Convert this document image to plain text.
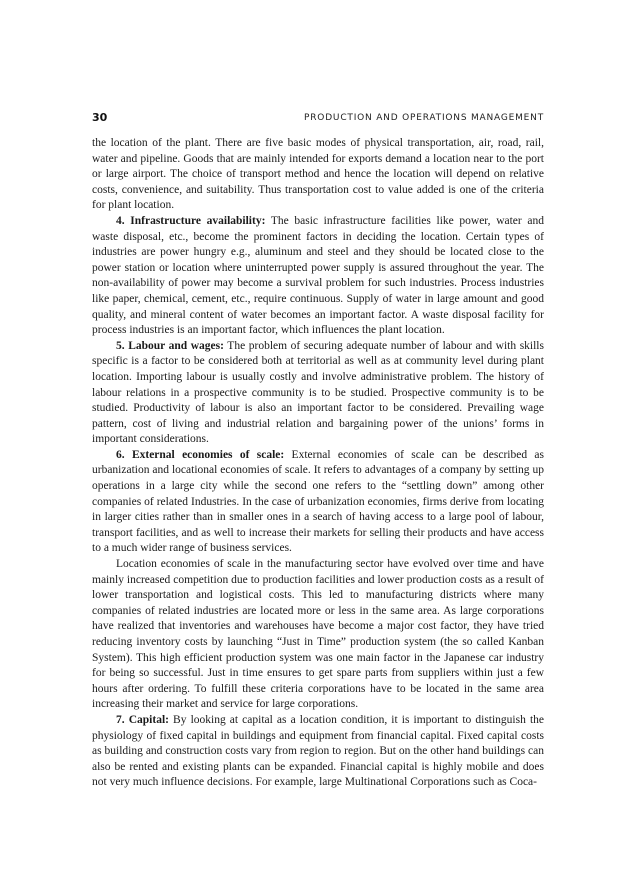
30	PRODUCTION AND OPERATIONS MANAGEMENT

the location of the plant. There are five basic modes of physical transportation, air, road, rail, water and pipeline. Goods that are mainly intended for exports demand a location near to the port or large airport. The choice of transport method and hence the location will depend on relative costs, convenience, and suitability. Thus transportation cost to value added is one of the criteria for plant location.

4. Infrastructure availability: The basic infrastructure facilities like power, water and waste disposal, etc., become the prominent factors in deciding the location. Certain types of industries are power hungry e.g., aluminum and steel and they should be located close to the power station or location where uninterrupted power supply is assured throughout the year. The non-availability of power may become a survival problem for such industries. Process industries like paper, chemical, cement, etc., require continuous. Supply of water in large amount and good quality, and mineral content of water becomes an important factor. A waste disposal facility for process industries is an important factor, which influences the plant location.

5. Labour and wages: The problem of securing adequate number of labour and with skills specific is a factor to be considered both at territorial as well as at community level during plant location. Importing labour is usually costly and involve administrative problem. The history of labour relations in a prospective community is to be studied. Prospective community is to be studied. Productivity of labour is also an important factor to be considered. Prevailing wage pattern, cost of living and industrial relation and bargaining power of the unions’ forms in important considerations.

6. External economies of scale: External economies of scale can be described as urbanization and locational economies of scale. It refers to advantages of a company by setting up operations in a large city while the second one refers to the “settling down” among other companies of related Industries. In the case of urbanization economies, firms derive from locating in larger cities rather than in smaller ones in a search of having access to a large pool of labour, transport facilities, and as well to increase their markets for selling their products and have access to a much wider range of business services.

Location economies of scale in the manufacturing sector have evolved over time and have mainly increased competition due to production facilities and lower production costs as a result of lower transportation and logistical costs. This led to manufacturing districts where many companies of related industries are located more or less in the same area. As large corporations have realized that inventories and warehouses have become a major cost factor, they have tried reducing inventory costs by launching “Just in Time” production system (the so called Kanban System). This high efficient production system was one main factor in the Japanese car industry for being so successful. Just in time ensures to get spare parts from suppliers within just a few hours after ordering. To fulfill these criteria corporations have to be located in the same area increasing their market and service for large corporations.

7. Capital: By looking at capital as a location condition, it is important to distinguish the physiology of fixed capital in buildings and equipment from financial capital. Fixed capital costs as building and construction costs vary from region to region. But on the other hand buildings can also be rented and existing plants can be expanded. Financial capital is highly mobile and does not very much influence decisions. For example, large Multinational Corporations such as Coca-
